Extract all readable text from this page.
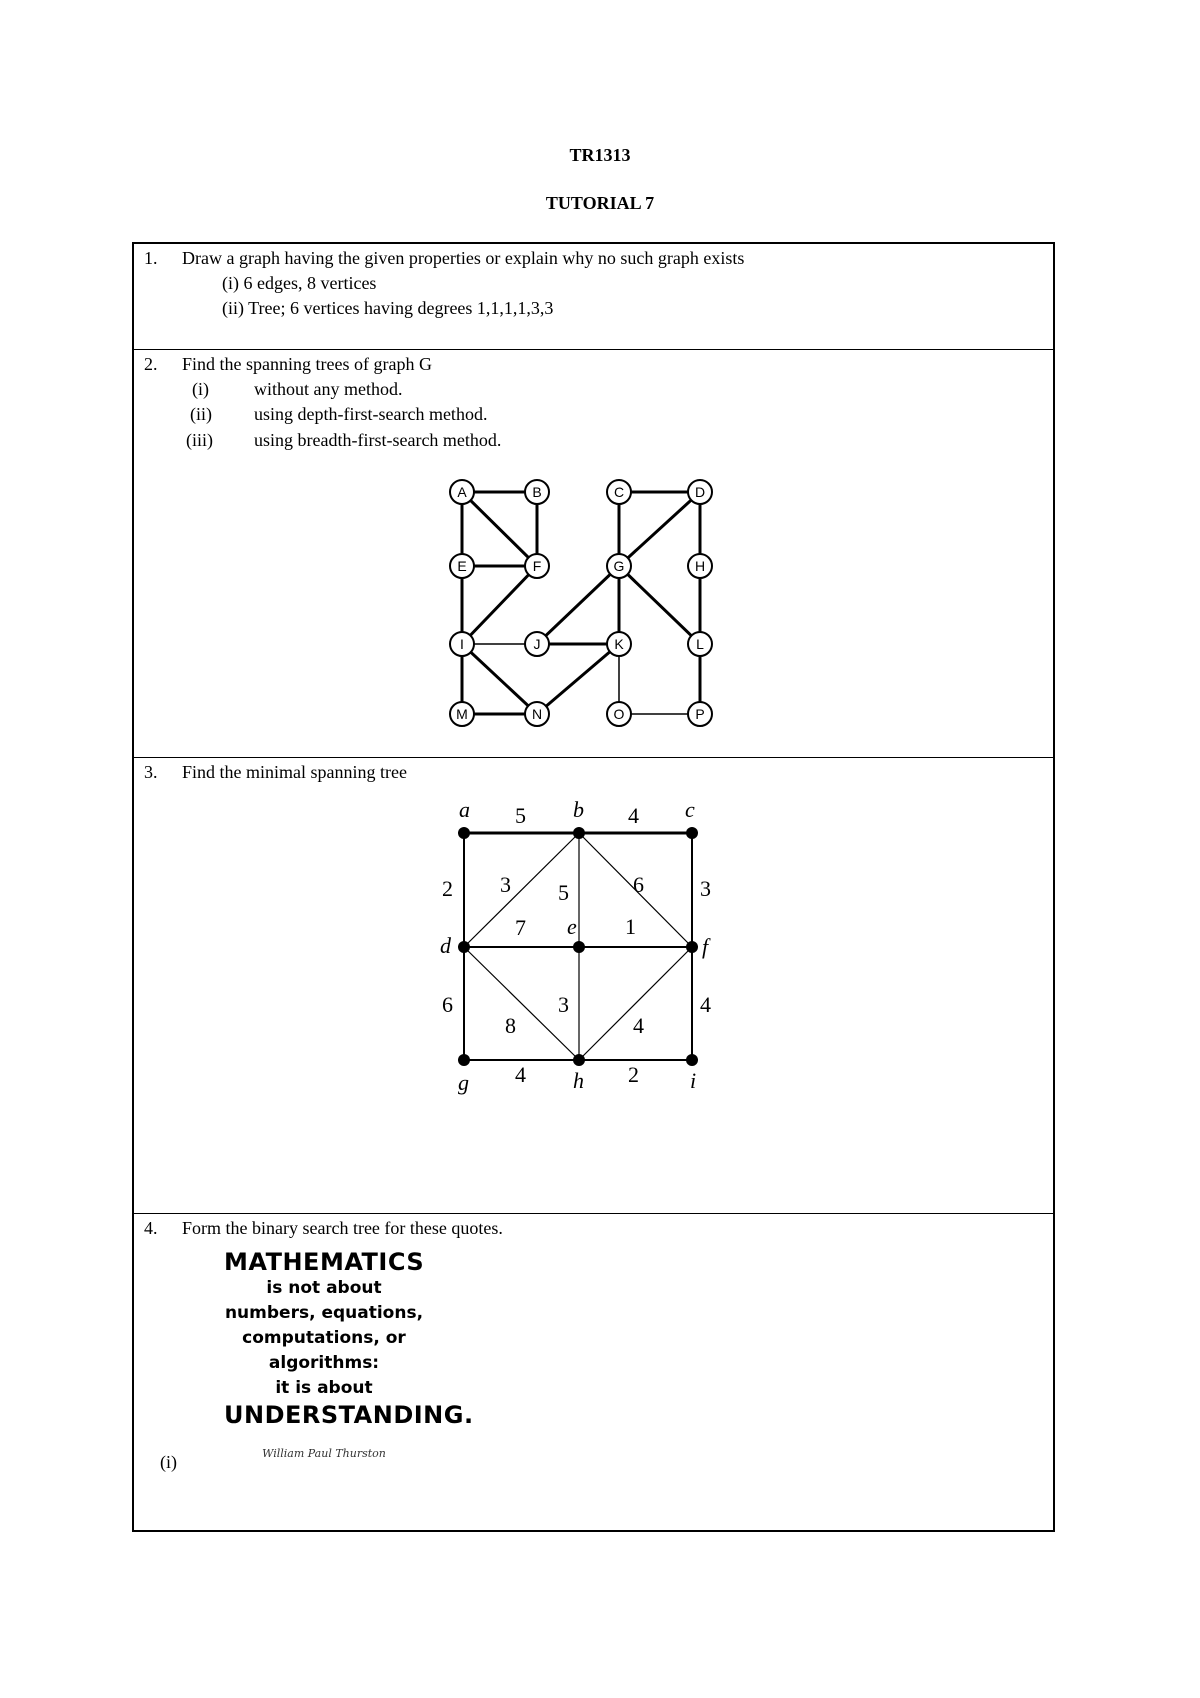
TR1313
TUTORIAL 7
1. Draw a graph having the given properties or explain why no such graph exists
(i) 6 edges, 8 vertices
(ii) Tree; 6 vertices having degrees 1,1,1,1,3,3
2. Find the spanning trees of graph G
(i)	without any method.
(ii) using depth-first-search method.
(iii) using breadth-first-search method.
A	B	C	D
E	F	G	H
I	J	K	L
M	N	O	P
3. Find the minimal spanning tree
a	b	c
d
e
f
g	h	i
5	4
2 3 5	6	3
7	1
6
8
3
4
4
4	2
4. Form the binary search tree for these quotes.
MATHEMATICS
is not about
numbers, equations,
computations, or
algorithms:
it is about
UNDERSTANDING.
William Paul Thurston
(i)
